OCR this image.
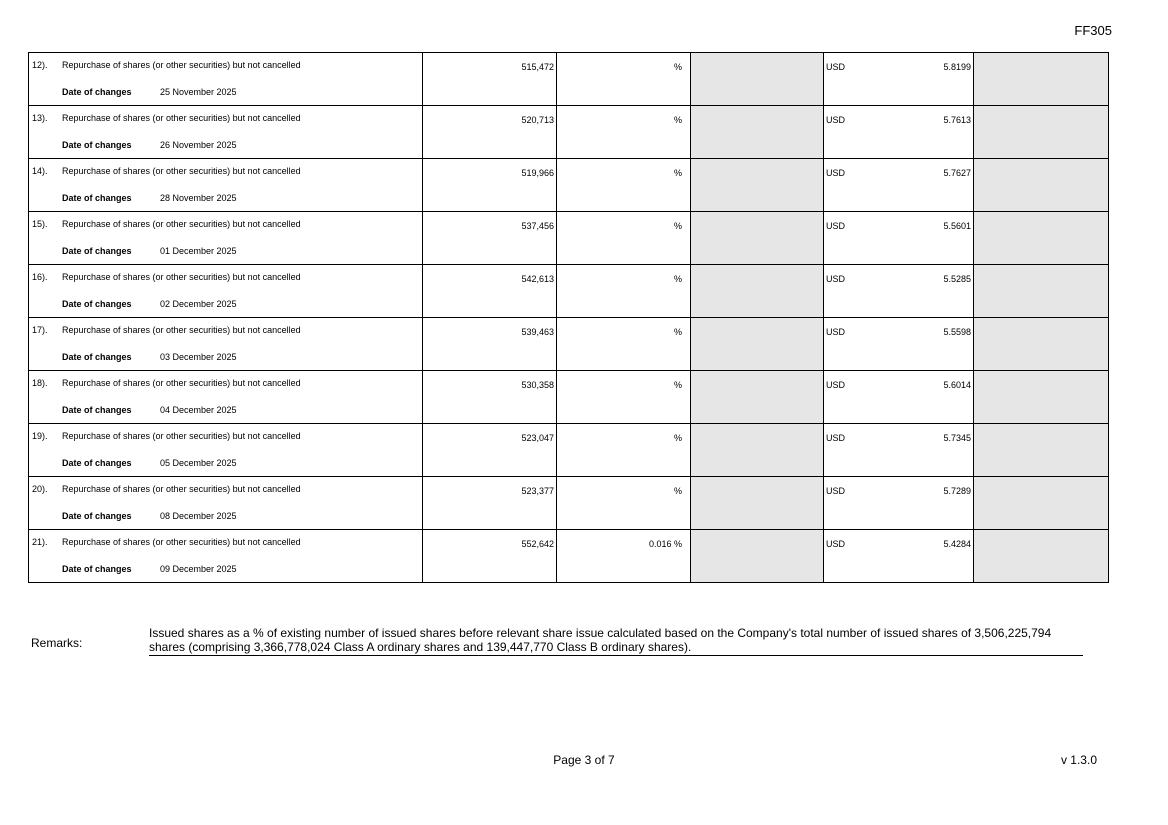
FF305
12). Repurchase of shares (or other securities) but not cancelled
Date of changes 25 November 2025	515,472	%		USD 5.8199	

13). Repurchase of shares (or other securities) but not cancelled
Date of changes 26 November 2025	520,713	%		USD 5.7613	

14). Repurchase of shares (or other securities) but not cancelled
Date of changes 28 November 2025	519,966	%		USD 5.7627	

15). Repurchase of shares (or other securities) but not cancelled
Date of changes 01 December 2025	537,456	%		USD 5.5601	

16). Repurchase of shares (or other securities) but not cancelled
Date of changes 02 December 2025	542,613	%		USD 5.5285	

17). Repurchase of shares (or other securities) but not cancelled
Date of changes 03 December 2025	539,463	%		USD 5.5598	

18). Repurchase of shares (or other securities) but not cancelled
Date of changes 04 December 2025	530,358	%		USD 5.6014	

19). Repurchase of shares (or other securities) but not cancelled
Date of changes 05 December 2025	523,047	%		USD 5.7345	

20). Repurchase of shares (or other securities) but not cancelled
Date of changes 08 December 2025	523,377	%		USD 5.7289	

21). Repurchase of shares (or other securities) but not cancelled
Date of changes 09 December 2025	552,642	0.016 %		USD 5.4284	

Remarks:
Issued shares as a % of existing number of issued shares before relevant share issue calculated based on the Company's total number of issued shares of 3,506,225,794 shares (comprising 3,366,778,024 Class A ordinary shares and 139,447,770 Class B ordinary shares).
Page 3 of 7	v 1.3.0
